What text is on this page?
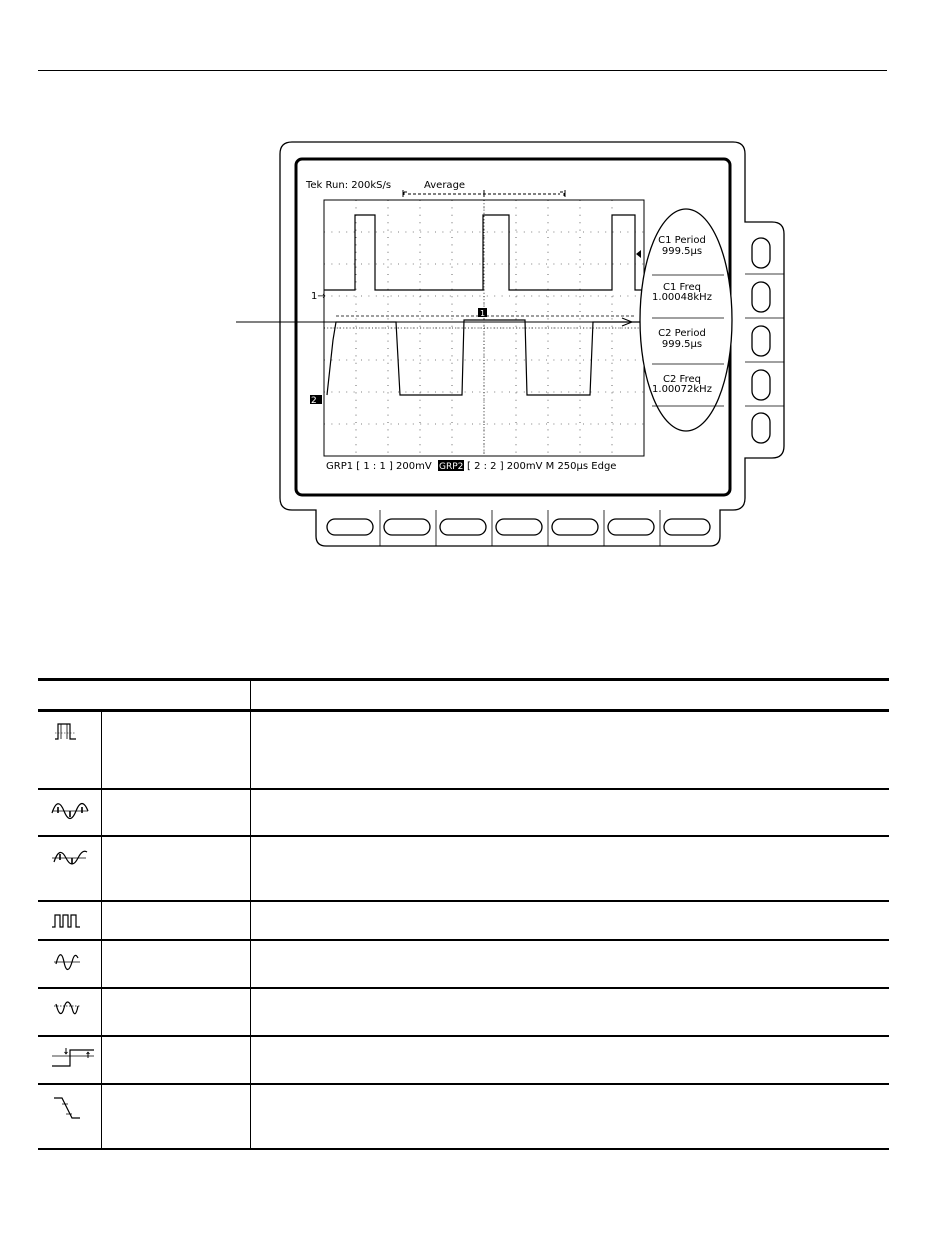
Tek Run: 200kS/s	Average
1→
2
1
C1 Period
999.5µs
C1 Freq
1.00048kHz
C2 Period
999.5µs
C2 Freq
1.00072kHz
GRP1 [ 1 : 1 ] 200mV GRP2 [ 2 : 2 ] 200mV M 250µs Edge
